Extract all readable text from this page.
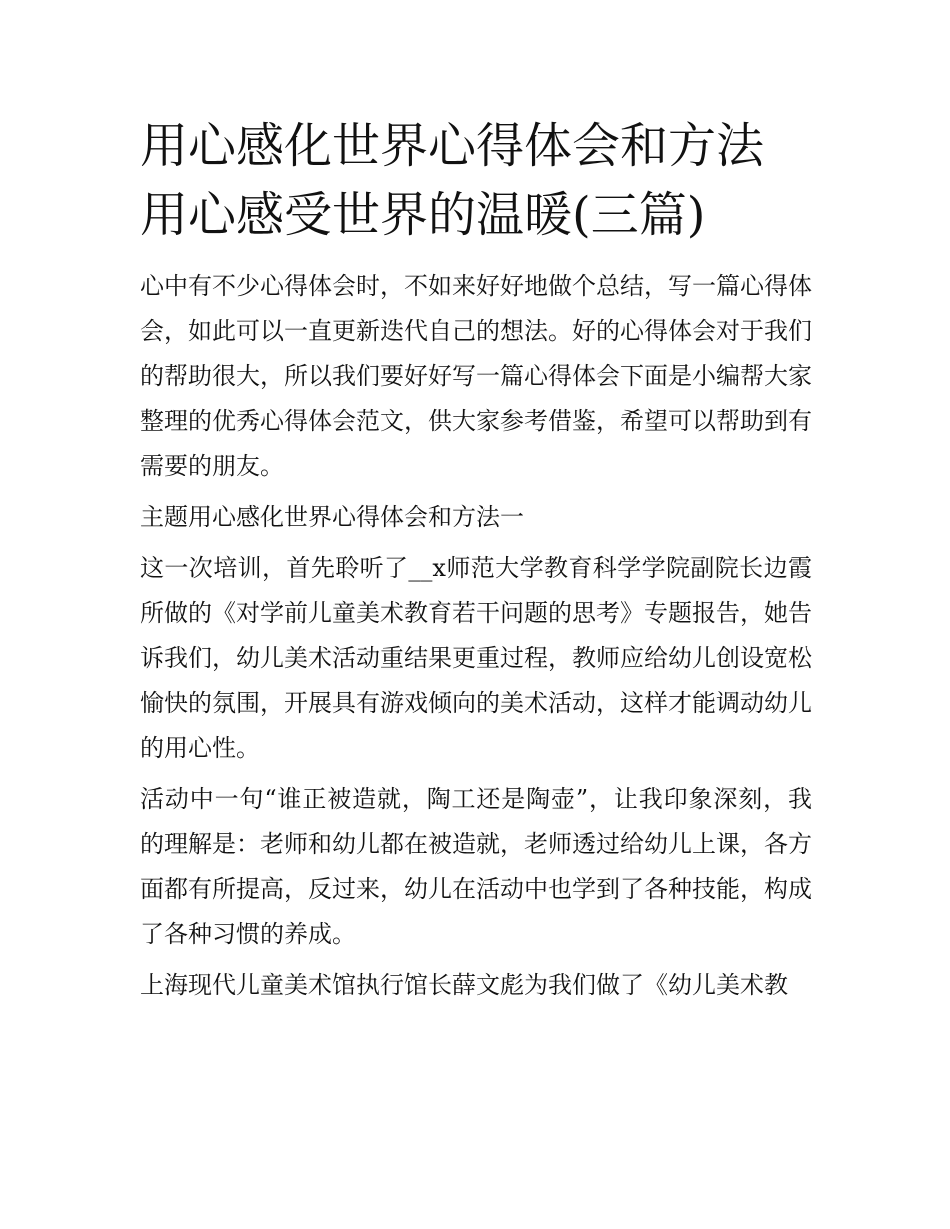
用心感化世界心得体会和方法
用心感受世界的温暖(三篇)

心中有不少心得体会时，不如来好好地做个总结，写一篇心得体会，如此可以一直更新迭代自己的想法。好的心得体会对于我们的帮助很大，所以我们要好好写一篇心得体会下面是小编帮大家整理的优秀心得体会范文，供大家参考借鉴，希望可以帮助到有需要的朋友。

主题用心感化世界心得体会和方法一

这一次培训，首先聆听了__x师范大学教育科学学院副院长边霞所做的《对学前儿童美术教育若干问题的思考》专题报告，她告诉我们，幼儿美术活动重结果更重过程，教师应给幼儿创设宽松愉快的氛围，开展具有游戏倾向的美术活动，这样才能调动幼儿的用心性。

活动中一句“谁正被造就，陶工还是陶壶”，让我印象深刻，我的理解是：老师和幼儿都在被造就，老师透过给幼儿上课，各方面都有所提高，反过来，幼儿在活动中也学到了各种技能，构成了各种习惯的养成。

上海现代儿童美术馆执行馆长薛文彪为我们做了《幼儿美术教
